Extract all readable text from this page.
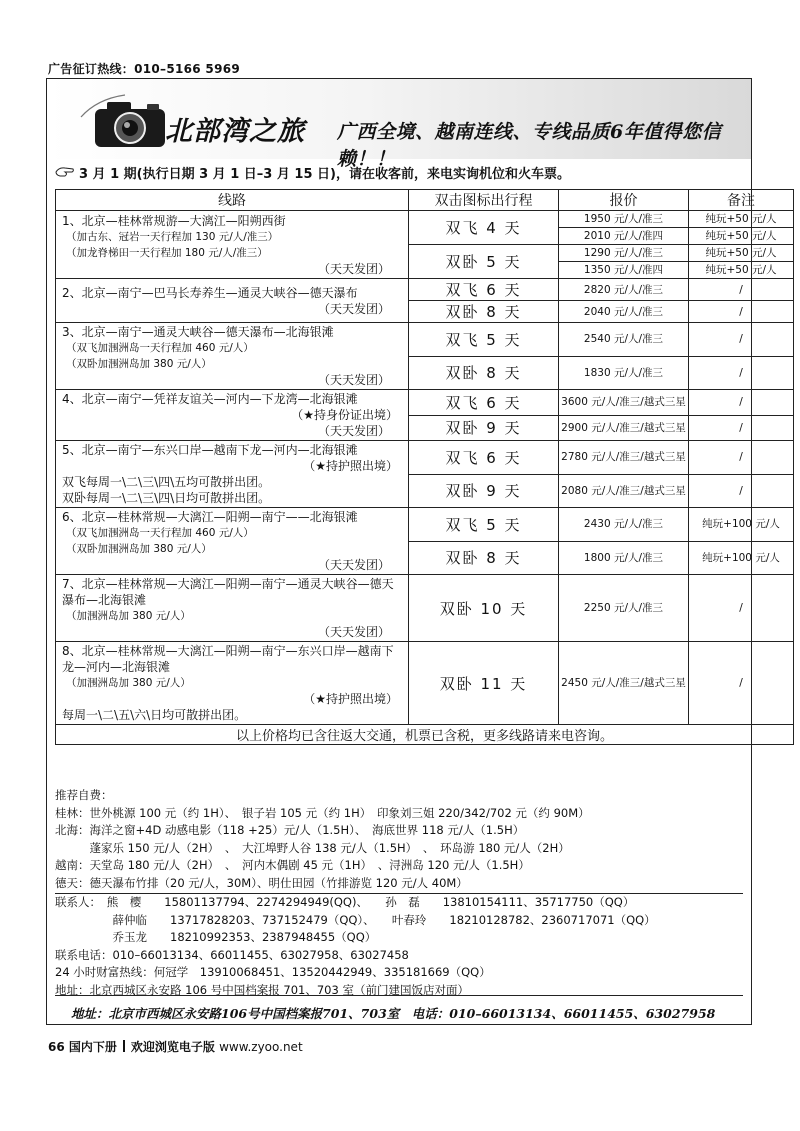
广告征订热线：010–5166 5969
北部湾之旅 广西全境、越南连线、专线品质6年值得您信赖！！
3 月 1 期(执行日期 3 月 1 日–3 月 15 日)，请在收客前，来电实询机位和火车票。
线路	双击图标出行程	报价	备注

1、北京—桂林常规游—大漓江—阳朔西街
（加古东、冠岩一天行程加 130 元/人/准三）
（加龙脊梯田一天行程加 180 元/人/准三）
（天天发团）	双飞 4 天	1950 元/人/准三	纯玩+50 元/人
		2010 元/人/准四	纯玩+50 元/人
	双卧 5 天	1290 元/人/准三	纯玩+50 元/人
		1350 元/人/准四	纯玩+50 元/人

2、北京—南宁—巴马长寿养生—通灵大峡谷—德天瀑布
（天天发团）	双飞 6 天	2820 元/人/准三	/
	双卧 8 天	2040 元/人/准三	/

3、北京—南宁—通灵大峡谷—德天瀑布—北海银滩
（双飞加涠洲岛一天行程加 460 元/人）
（双卧加涠洲岛加 380 元/人）
（天天发团）	双飞 5 天	2540 元/人/准三	/
	双卧 8 天	1830 元/人/准三	/

4、北京—南宁—凭祥友谊关—河内—下龙湾—北海银滩
（★持身份证出境）
（天天发团）	双飞 6 天	3600 元/人/准三/越式三星	/
	双卧 9 天	2900 元/人/准三/越式三星	/

5、北京—南宁—东兴口岸—越南下龙—河内—北海银滩
（★持护照出境）
双飞每周一\二\三\四\五均可散拼出团。
双卧每周一\二\三\四\日均可散拼出团。	双飞 6 天	2780 元/人/准三/越式三星	/
	双卧 9 天	2080 元/人/准三/越式三星	/

6、北京—桂林常规—大漓江—阳朔—南宁——北海银滩
（双飞加涠洲岛一天行程加 460 元/人）
（双卧加涠洲岛加 380 元/人）
（天天发团）	双飞 5 天	2430 元/人/准三	纯玩+100 元/人
	双卧 8 天	1800 元/人/准三	纯玩+100 元/人

7、北京—桂林常规—大漓江—阳朔—南宁—通灵大峡谷—德天瀑布—北海银滩
（加涠洲岛加 380 元/人）
（天天发团）	双卧 10 天	2250 元/人/准三	/

8、北京—桂林常规—大漓江—阳朔—南宁—东兴口岸—越南下龙—河内—北海银滩
（加涠洲岛加 380 元/人）
（★持护照出境）
每周一\二\五\六\日均可散拼出团。	双卧 11 天	2450 元/人/准三/越式三星	/
以上价格均已含往返大交通，机票已含税，更多线路请来电咨询。			
推荐自费：
桂林：世外桃源 100 元（约 1H）、　银子岩 105 元（约 1H）　印象刘三姐 220/342/702 元（约 90M）
北海：海洋之窗+4D 动感电影（118 +25）元/人（1.5H）、　海底世界 118 元/人（1.5H）
　　　蓬家乐 150 元/人（2H）　、　大江埠野人谷 138 元/人（1.5H）　、　环岛游 180 元/人（2H）
越南：天堂岛 180 元/人（2H）　、　河内木偶剧 45 元（1H）　、浔洲岛 120 元/人（1.5H）
德天：德天瀑布竹排（20 元/人，30M）、明仕田园（竹排游览 120 元/人 40M）
联系人：　熊　樱　　15801137794、2274294949(QQ)、　　孙　磊　　13810154111、35717750（QQ）
　　　　　薛仲临　　13717828203、737152479（QQ）、　　叶春玲　　18210128782、2360717071（QQ）
　　　　　乔玉龙　　18210992353、2387948455（QQ）
联系电话：010–66013134、66011455、63027958、63027458
24 小时财富热线：何冠学　13910068451、13520442949、335181669（QQ）
地址：北京西城区永安路 106 号中国档案报 701、703 室（前门建国饭店对面）
地址：北京市西城区永安路106号中国档案报701、703室　电话：010–66013134、66011455、63027958
66 国内下册 欢迎浏览电子版 www.zyoo.net
